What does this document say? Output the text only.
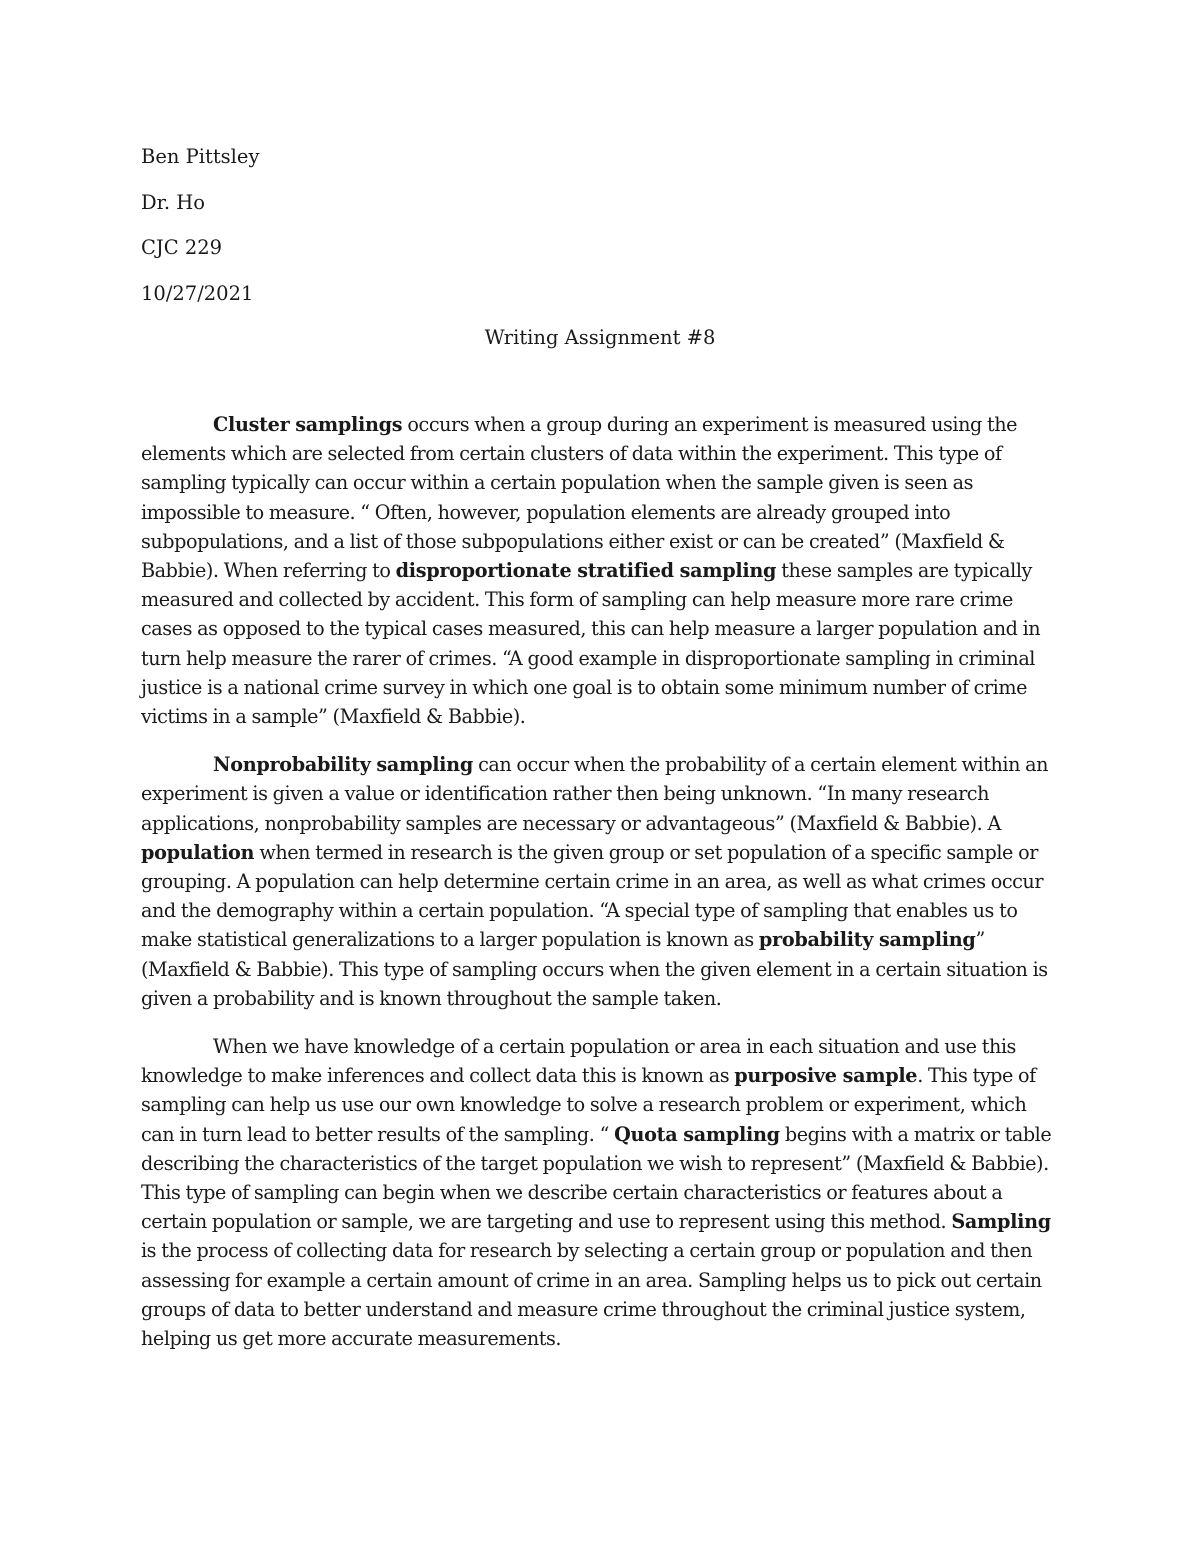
Ben Pittsley
Dr. Ho
CJC 229
10/27/2021
Writing Assignment #8

Cluster samplings occurs when a group during an experiment is measured using the elements which are selected from certain clusters of data within the experiment. This type of sampling typically can occur within a certain population when the sample given is seen as impossible to measure. “ Often, however, population elements are already grouped into subpopulations, and a list of those subpopulations either exist or can be created” (Maxfield & Babbie). When referring to disproportionate stratified sampling these samples are typically measured and collected by accident. This form of sampling can help measure more rare crime cases as opposed to the typical cases measured, this can help measure a larger population and in turn help measure the rarer of crimes. “A good example in disproportionate sampling in criminal justice is a national crime survey in which one goal is to obtain some minimum number of crime victims in a sample” (Maxfield & Babbie).

Nonprobability sampling can occur when the probability of a certain element within an experiment is given a value or identification rather then being unknown. “In many research applications, nonprobability samples are necessary or advantageous” (Maxfield & Babbie). A population when termed in research is the given group or set population of a specific sample or grouping. A population can help determine certain crime in an area, as well as what crimes occur and the demography within a certain population. “A special type of sampling that enables us to make statistical generalizations to a larger population is known as probability sampling” (Maxfield & Babbie). This type of sampling occurs when the given element in a certain situation is given a probability and is known throughout the sample taken.

When we have knowledge of a certain population or area in each situation and use this knowledge to make inferences and collect data this is known as purposive sample. This type of sampling can help us use our own knowledge to solve a research problem or experiment, which can in turn lead to better results of the sampling. “ Quota sampling begins with a matrix or table describing the characteristics of the target population we wish to represent” (Maxfield & Babbie). This type of sampling can begin when we describe certain characteristics or features about a certain population or sample, we are targeting and use to represent using this method. Sampling is the process of collecting data for research by selecting a certain group or population and then assessing for example a certain amount of crime in an area. Sampling helps us to pick out certain groups of data to better understand and measure crime throughout the criminal justice system, helping us get more accurate measurements.
